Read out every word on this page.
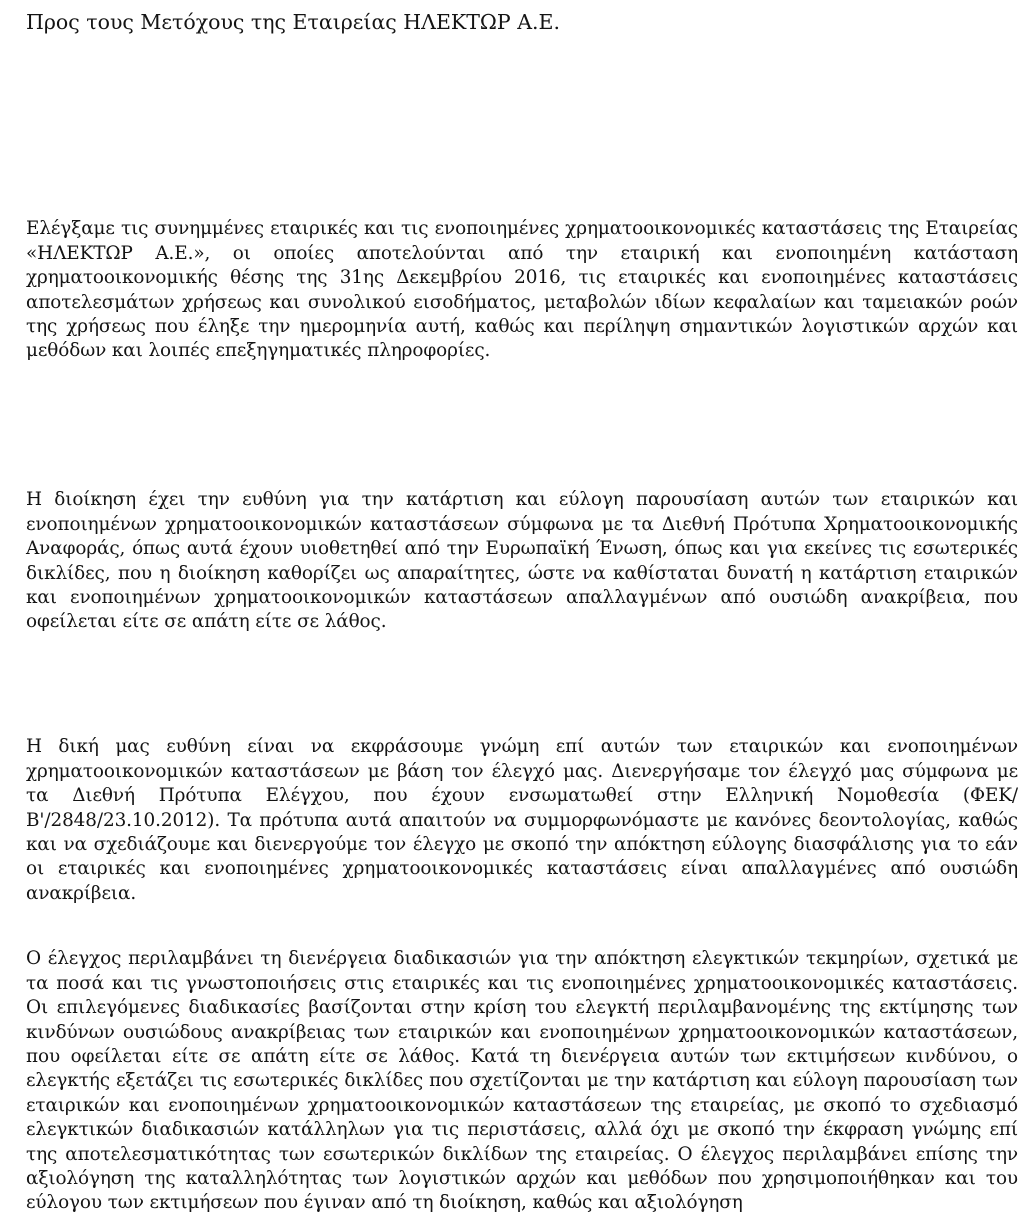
Προς τους Μετόχους της Εταιρείας ΗΛΕΚΤΩΡ Α.Ε.

Ελέγξαμε τις συνημμένες εταιρικές και τις ενοποιημένες χρηματοοικονομικές καταστάσεις της Εταιρείας «ΗΛΕΚΤΩΡ Α.Ε.», οι οποίες αποτελούνται από την εταιρική και ενοποιημένη κατάσταση χρηματοοικονομικής θέσης της 31ης Δεκεμβρίου 2016, τις εταιρικές και ενοποιημένες καταστάσεις αποτελεσμάτων χρήσεως και συνολικού εισοδήματος, μεταβολών ιδίων κεφαλαίων και ταμειακών ροών της χρήσεως που έληξε την ημερομηνία αυτή, καθώς και περίληψη σημαντικών λογιστικών αρχών και μεθόδων και λοιπές επεξηγηματικές πληροφορίες.

Η διοίκηση έχει την ευθύνη για την κατάρτιση και εύλογη παρουσίαση αυτών των εταιρικών και ενοποιημένων χρηματοοικονομικών καταστάσεων σύμφωνα με τα Διεθνή Πρότυπα Χρηματοοικονομικής Αναφοράς, όπως αυτά έχουν υιοθετηθεί από την Ευρωπαϊκή Ένωση, όπως και για εκείνες τις εσωτερικές δικλίδες, που η διοίκηση καθορίζει ως απαραίτητες, ώστε να καθίσταται δυνατή η κατάρτιση εταιρικών και ενοποιημένων χρηματοοικονομικών καταστάσεων απαλλαγμένων από ουσιώδη ανακρίβεια, που οφείλεται είτε σε απάτη είτε σε λάθος.

Η δική μας ευθύνη είναι να εκφράσουμε γνώμη επί αυτών των εταιρικών και ενοποιημένων χρηματοοικονομικών καταστάσεων με βάση τον έλεγχό μας. Διενεργήσαμε τον έλεγχό μας σύμφωνα με τα Διεθνή Πρότυπα Ελέγχου, που έχουν ενσωματωθεί στην Ελληνική Νομοθεσία (ΦΕΚ/Β'/2848/23.10.2012). Τα πρότυπα αυτά απαιτούν να συμμορφωνόμαστε με κανόνες δεοντολογίας, καθώς και να σχεδιάζουμε και διενεργούμε τον έλεγχο με σκοπό την απόκτηση εύλογης διασφάλισης για το εάν οι εταιρικές και ενοποιημένες χρηματοοικονομικές καταστάσεις είναι απαλλαγμένες από ουσιώδη ανακρίβεια.

Ο έλεγχος περιλαμβάνει τη διενέργεια διαδικασιών για την απόκτηση ελεγκτικών τεκμηρίων, σχετικά με τα ποσά και τις γνωστοποιήσεις στις εταιρικές και τις ενοποιημένες χρηματοοικονομικές καταστάσεις. Οι επιλεγόμενες διαδικασίες βασίζονται στην κρίση του ελεγκτή περιλαμβανομένης της εκτίμησης των κινδύνων ουσιώδους ανακρίβειας των εταιρικών και ενοποιημένων χρηματοοικονομικών καταστάσεων, που οφείλεται είτε σε απάτη είτε σε λάθος. Κατά τη διενέργεια αυτών των εκτιμήσεων κινδύνου, ο ελεγκτής εξετάζει τις εσωτερικές δικλίδες που σχετίζονται με την κατάρτιση και εύλογη παρουσίαση των εταιρικών και ενοποιημένων χρηματοοικονομικών καταστάσεων της εταιρείας, με σκοπό το σχεδιασμό ελεγκτικών διαδικασιών κατάλληλων για τις περιστάσεις, αλλά όχι με σκοπό την έκφραση γνώμης επί της αποτελεσματικότητας των εσωτερικών δικλίδων της εταιρείας. Ο έλεγχος περιλαμβάνει επίσης την αξιολόγηση της καταλληλότητας των λογιστικών αρχών και μεθόδων που χρησιμοποιήθηκαν και του εύλογου των εκτιμήσεων που έγιναν από τη διοίκηση, καθώς και αξιολόγηση
